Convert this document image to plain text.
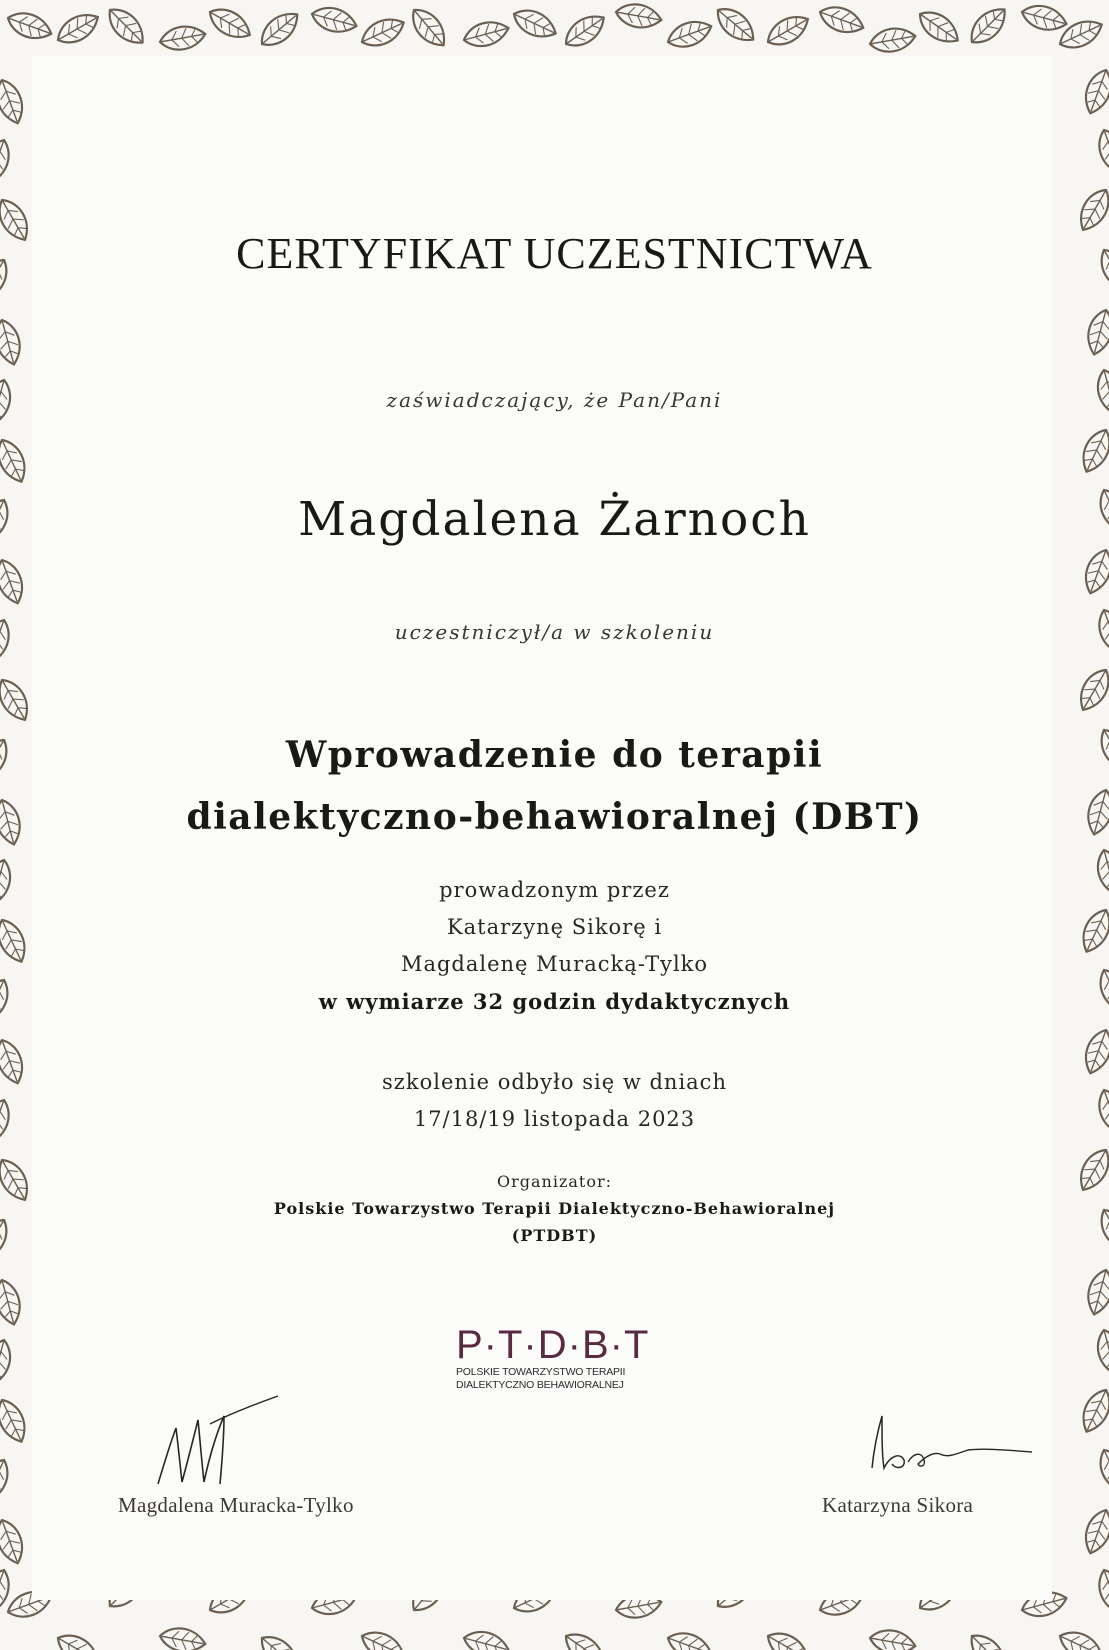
CERTYFIKAT UCZESTNICTWA
zaświadczający, że Pan/Pani
Magdalena Żarnoch
uczestniczył/a w szkoleniu
Wprowadzenie do terapii
dialektyczno-behawioralnej (DBT)
prowadzonym przez
Katarzynę Sikorę i
Magdalenę Muracką-Tylko
w wymiarze 32 godzin dydaktycznych
szkolenie odbyło się w dniach
17/18/19 listopada 2023
Organizator:
Polskie Towarzystwo Terapii Dialektyczno-Behawioralnej
(PTDBT)
P·T·D·B·T
POLSKIE TOWARZYSTWO TERAPII
DIALEKTYCZNO BEHAWIORALNEJ
Magdalena Muracka-Tylko	Katarzyna Sikora
